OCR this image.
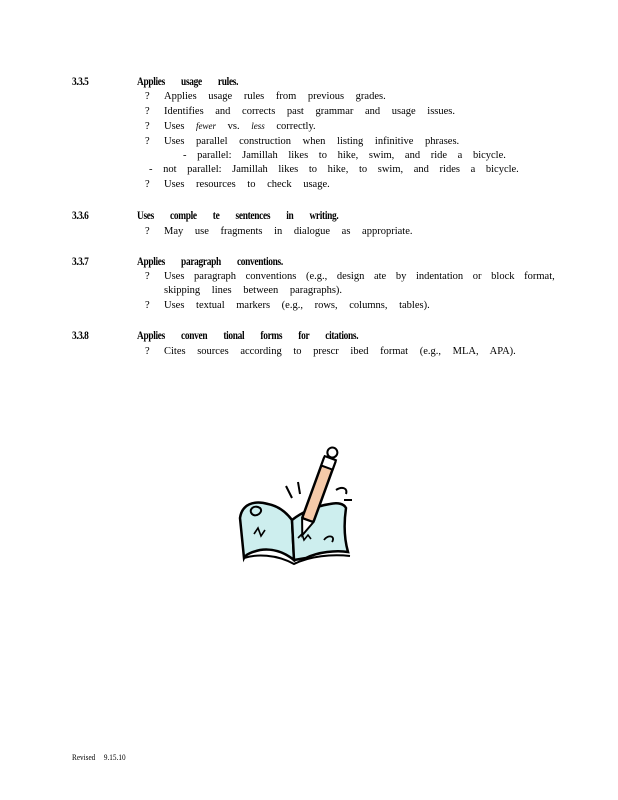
3.3.5	Applies usage rules.
? Applies usage rules from previous grades.
? Identifies and corrects past grammar and usage issues.
? Uses fewer vs. less correctly.
? Uses parallel construction when listing infinitive phrases.
- parallel: Jamillah likes to hike, swim, and ride a bicycle.
- not parallel: Jamillah likes to hike, to swim, and rides a bicycle.
? Uses resources to check usage.
3.3.6	Uses comple te sentences in writing.
? May use fragments in dialogue as appropriate.
3.3.7	Applies paragraph conventions.
? Uses paragraph conventions (e.g., design ate by indentation or block format,
skipping lines between paragraphs).
? Uses textual markers (e.g., rows, columns, tables).
3.3.8	Applies conven tional forms for citations.
? Cites sources according to prescr ibed format (e.g., MLA, APA).
Revised 9.15.10
